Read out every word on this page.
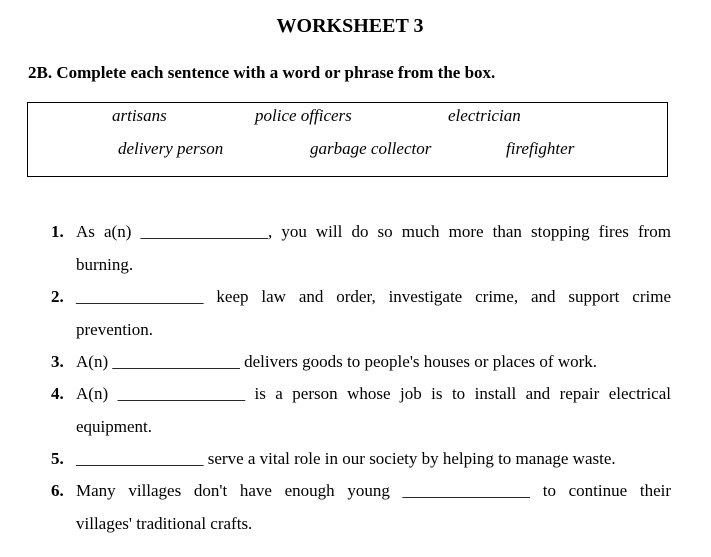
WORKSHEET 3
2B. Complete each sentence with a word or phrase from the box.
artisans	police officers	electrician
delivery person	garbage collector	firefighter
1. As a(n) _______________, you will do so much more than stopping fires from
burning.
2. _______________ keep law and order, investigate crime, and support crime
prevention.
3. A(n) _______________ delivers goods to people's houses or places of work.
4. A(n) _______________ is a person whose job is to install and repair electrical
equipment.
5. _______________ serve a vital role in our society by helping to manage waste.
6. Many villages don't have enough young _______________ to continue their
villages' traditional crafts.
